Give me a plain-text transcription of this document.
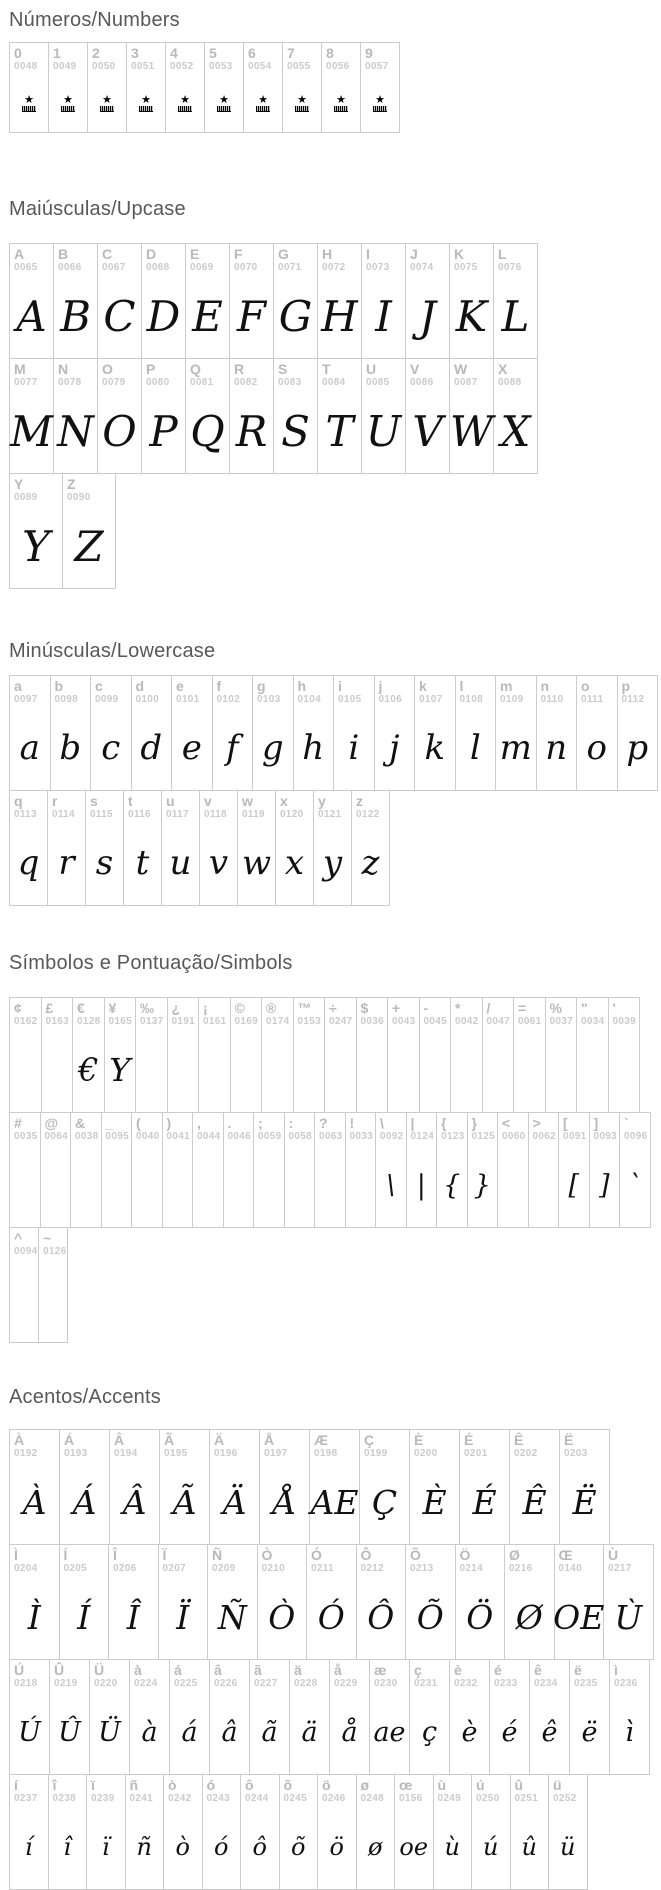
Números/Numbers
0
0048
★
1
0049
★
2
0050
★
3
0051
★
4
0052
★
5
0053
★
6
0054
★
7
0055
★
8
0056
★
9
0057
★
Maiúsculas/Upcase
A
0065
A
B
0066
B
C
0067
C
D
0068
D
E
0069
E
F
0070
F
G
0071
G
H
0072
H
I
0073
I
J
0074
J
K
0075
K
L
0076
L
M
0077
M
N
0078
N
O
0079
O
P
0080
P
Q
0081
Q
R
0082
R
S
0083
S
T
0084
T
U
0085
U
V
0086
V
W
0087
W
X
0088
X
Y
0089
Y
Z
0090
Z
Minúsculas/Lowercase
a
0097
a
b
0098
b
c
0099
c
d
0100
d
e
0101
e
f
0102
f
g
0103
g
h
0104
h
i
0105
i
j
0106
j
k
0107
k
l
0108
l
m
0109
m
n
0110
n
o
0111
o
p
0112
p
q
0113
q
r
0114
r
s
0115
s
t
0116
t
u
0117
u
v
0118
v
w
0119
w
x
0120
x
y
0121
y
z
0122
z
Símbolos e Pontuação/Simbols
¢
0162
£
0163
€
0128
€
¥
0165
Y
‰
0137
¿
0191
¡
0161
©
0169
®
0174
™
0153
÷
0247
$
0036
+
0043
-
0045
*
0042
/
0047
=
0061
%
0037
"
0034
'
0039
#
0035
@
0064
&
0038
_
0095
(
0040
)
0041
,
0044
.
0046
;
0059
:
0058
?
0063
!
0033
\
0092
\
|
0124
|
{
0123
{
}
0125
}
<
0060
>
0062
[
0091
[
]
0093
]
`
0096
`
^
0094
~
0126
Acentos/Accents
À
0192
À
Á
0193
Á
Â
0194
Â
Ã
0195
Ã
Ä
0196
Ä
Å
0197
Å
Æ
0198
AE
Ç
0199
Ç
È
0200
È
É
0201
É
Ê
0202
Ê
Ë
0203
Ë
Ì
0204
Ì
Í
0205
Í
Î
0206
Î
Ï
0207
Ï
Ñ
0209
Ñ
Ò
0210
Ò
Ó
0211
Ó
Ô
0212
Ô
Õ
0213
Õ
Ö
0214
Ö
Ø
0216
Ø
Œ
0140
OE
Ù
0217
Ù
Ú
0218
Ú
Û
0219
Û
Ü
0220
Ü
à
0224
à
á
0225
á
â
0226
â
ã
0227
ã
ä
0228
ä
å
0229
å
æ
0230
ae
ç
0231
ç
è
0232
è
é
0233
é
ê
0234
ê
ë
0235
ë
ì
0236
ì
í
0237
í
î
0238
î
ï
0239
ï
ñ
0241
ñ
ò
0242
ò
ó
0243
ó
ô
0244
ô
õ
0245
õ
ö
0246
ö
ø
0248
ø
œ
0156
oe
ù
0249
ù
ú
0250
ú
û
0251
û
ü
0252
ü
